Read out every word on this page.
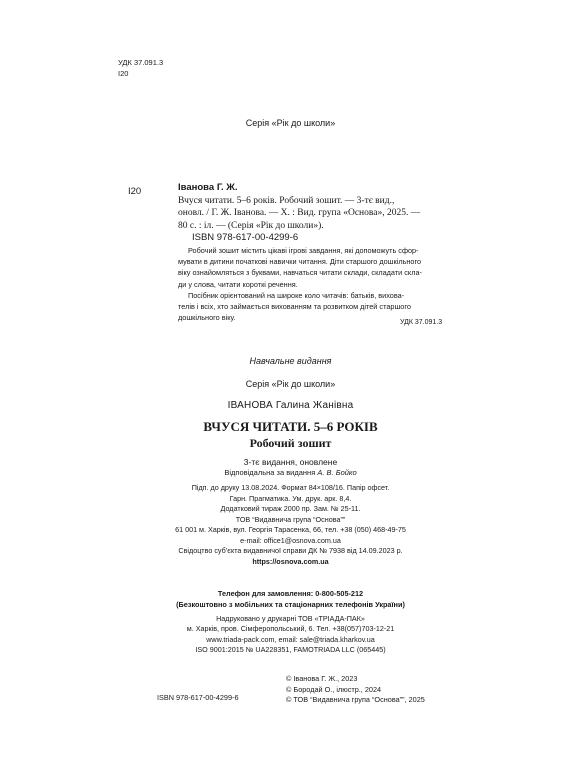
УДК 37.091.3
І20
Серія «Рік до школи»
І20	Іванова Г. Ж.
Вчуся читати. 5–6 років. Робочий зошит. — 3-тє вид.,
оновл. / Г. Ж. Іванова. — Х. : Вид. група «Основа», 2025. —
80 с. : іл. — (Серія «Рік до школи»).
ISBN 978-617-00-4299-6
Робочий зошит містить цікаві ігрові завдання, які допоможуть сфор-
мувати в дитини початкові навички читання. Діти старшого дошкільного
віку ознайомляться з буквами, навчаться читати склади, складати скла-
ди у слова, читати короткі речення.
Посібник орієнтований на широке коло читачів: батьків, вихова-
телів і всіх, хто займається вихованням та розвитком дітей старшого
дошкільного віку.
УДК 37.091.3
Навчальне видання
Серія «Рік до школи»
ІВАНОВА Галина Жанівна
ВЧУСЯ ЧИТАТИ. 5–6 РОКІВ
Робочий зошит
3-тє видання, оновлене
Відповідальна за видання А. В. Бойко
Підп. до друку 13.08.2024. Формат 84×108/16. Папір офсет.
Гарн. Прагматика. Ум. друк. арк. 8,4.
Додатковий тираж 2000 пр. Зам. № 25-11.
ТОВ “Видавнича група “Основа””
61 001 м. Харків, вул. Георгія Тарасенка, 66, тел. +38 (050) 468-49-75
e-mail: office1@osnova.com.ua
Свідоцтво суб’єкта видавничої справи ДК № 7938 від 14.09.2023 р.
https://osnova.com.ua
Телефон для замовлення: 0-800-505-212
(Безкоштовно з мобільних та стаціонарних телефонів України)
Надруковано у друкарні ТОВ «ТРІАДА-ПАК»
м. Харків, пров. Сімферопольський, 6. Тел. +38(057)703-12-21
www.triada-pack.com, email: sale@triada.kharkov.ua
ISO 9001:2015 № UA228351, FAMOTRIADA LLC (065445)
ISBN 978-617-00-4299-6
© Іванова Г. Ж., 2023
© Бородай О., ілюстр., 2024
© ТОВ “Видавнича група “Основа””, 2025
